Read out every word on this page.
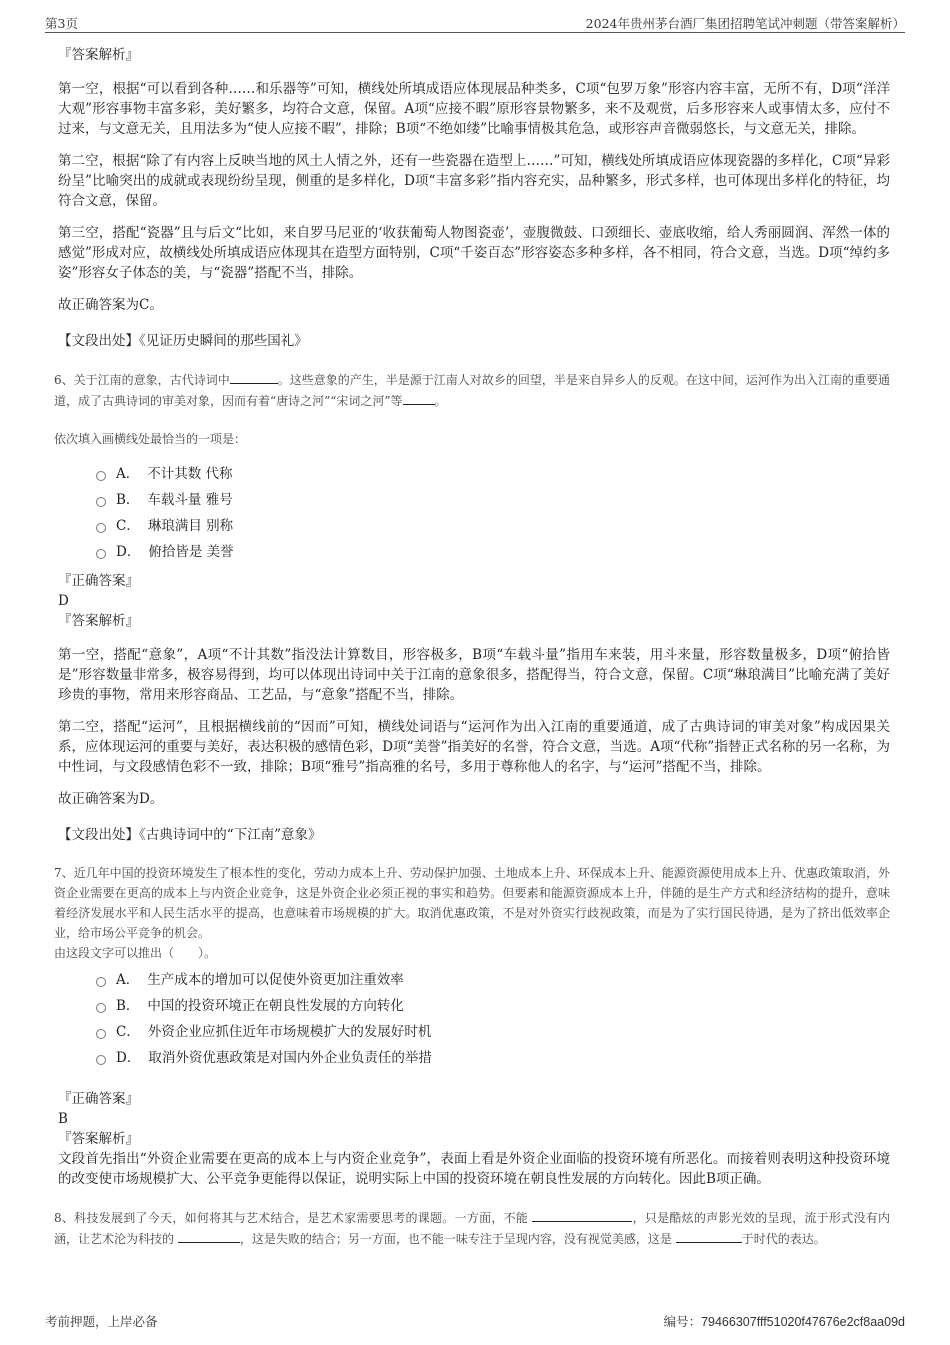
第3页	2024年贵州茅台酒厂集团招聘笔试冲刺题（带答案解析）
『答案解析』

第一空，根据“可以看到各种……和乐器等”可知，横线处所填成语应体现展品种类多，C项“包罗万象”形容内容丰富，无所不有，D项“洋洋大观”形容事物丰富多彩，美好繁多，均符合文意，保留。A项“应接不暇”原形容景物繁多，来不及观赏，后多形容来人或事情太多，应付不过来，与文意无关，且用法多为“使人应接不暇”，排除；B项“不绝如缕”比喻事情极其危急，或形容声音微弱悠长，与文意无关，排除。

第二空，根据“除了有内容上反映当地的风土人情之外，还有一些瓷器在造型上……”可知，横线处所填成语应体现瓷器的多样化，C项“异彩纷呈”比喻突出的成就或表现纷纷呈现，侧重的是多样化，D项“丰富多彩”指内容充实，品种繁多，形式多样，也可体现出多样化的特征，均符合文意，保留。

第三空，搭配“瓷器”且与后文“比如，来自罗马尼亚的‘收获葡萄人物图瓷壶’，壶腹微鼓、口颈细长、壶底收缩，给人秀丽圆润、浑然一体的感觉”形成对应，故横线处所填成语应体现其在造型方面特别，C项“千姿百态”形容姿态多种多样，各不相同，符合文意，当选。D项“绰约多姿”形容女子体态的美，与“瓷器”搭配不当，排除。

故正确答案为C。

【文段出处】《见证历史瞬间的那些国礼》

6、关于江南的意象，古代诗词中	。这些意象的产生，半是源于江南人对故乡的回望，半是来自异乡人的反观。在这中间，运河作为出入江南的重要通道，成了古典诗词的审美对象，因而有着“唐诗之河”“宋词之河”等	。
依次填入画横线处最恰当的一项是：
A． 不计其数 代称
B． 车载斗量 雅号
C． 琳琅满目 别称
D． 俯拾皆是 美誉
『正确答案』
D
『答案解析』

第一空，搭配“意象”，A项“不计其数”指没法计算数目，形容极多，B项“车载斗量”指用车来装，用斗来量，形容数量极多，D项“俯拾皆是”形容数量非常多，极容易得到，均可以体现出诗词中关于江南的意象很多，搭配得当，符合文意，保留。C项“琳琅满目”比喻充满了美好珍贵的事物，常用来形容商品、工艺品，与“意象”搭配不当，排除。

第二空，搭配“运河”，且根据横线前的“因而”可知，横线处词语与“运河作为出入江南的重要通道，成了古典诗词的审美对象”构成因果关系，应体现运河的重要与美好，表达积极的感情色彩，D项“美誉”指美好的名誉，符合文意，当选。A项“代称”指替正式名称的另一名称，为中性词，与文段感情色彩不一致，排除；B项“雅号”指高雅的名号，多用于尊称他人的名字，与“运河”搭配不当，排除。

故正确答案为D。

【文段出处】《古典诗词中的“下江南”意象》

7、近几年中国的投资环境发生了根本性的变化，劳动力成本上升、劳动保护加强、土地成本上升、环保成本上升、能源资源使用成本上升、优惠政策取消，外资企业需要在更高的成本上与内资企业竞争，这是外资企业必须正视的事实和趋势。但要素和能源资源成本上升，伴随的是生产方式和经济结构的提升，意味着经济发展水平和人民生活水平的提高，也意味着市场规模的扩大。取消优惠政策，不是对外资实行歧视政策，而是为了实行国民待遇，是为了挤出低效率企业，给市场公平竞争的机会。
由这段文字可以推出（　　）。
A． 生产成本的增加可以促使外资更加注重效率
B． 中国的投资环境正在朝良性发展的方向转化
C． 外资企业应抓住近年市场规模扩大的发展好时机
D． 取消外资优惠政策是对国内外企业负责任的举措
『正确答案』
B
『答案解析』

文段首先指出“外资企业需要在更高的成本上与内资企业竞争”，表面上看是外资企业面临的投资环境有所恶化。而接着则表明这种投资环境的改变使市场规模扩大、公平竞争更能得以保证，说明实际上中国的投资环境在朝良性发展的方向转化。因此B项正确。

8、科技发展到了今天，如何将其与艺术结合，是艺术家需要思考的课题。一方面，不能	，只是酷炫的声影光效的呈现，流于形式没有内涵，让艺术沦为科技的	，这是失败的结合；另一方面，也不能一味专注于呈现内容，没有视觉美感，这是	于时代的表达。
考前押题，上岸必备	编号：79466307fff51020f47676e2cf8aa09d
